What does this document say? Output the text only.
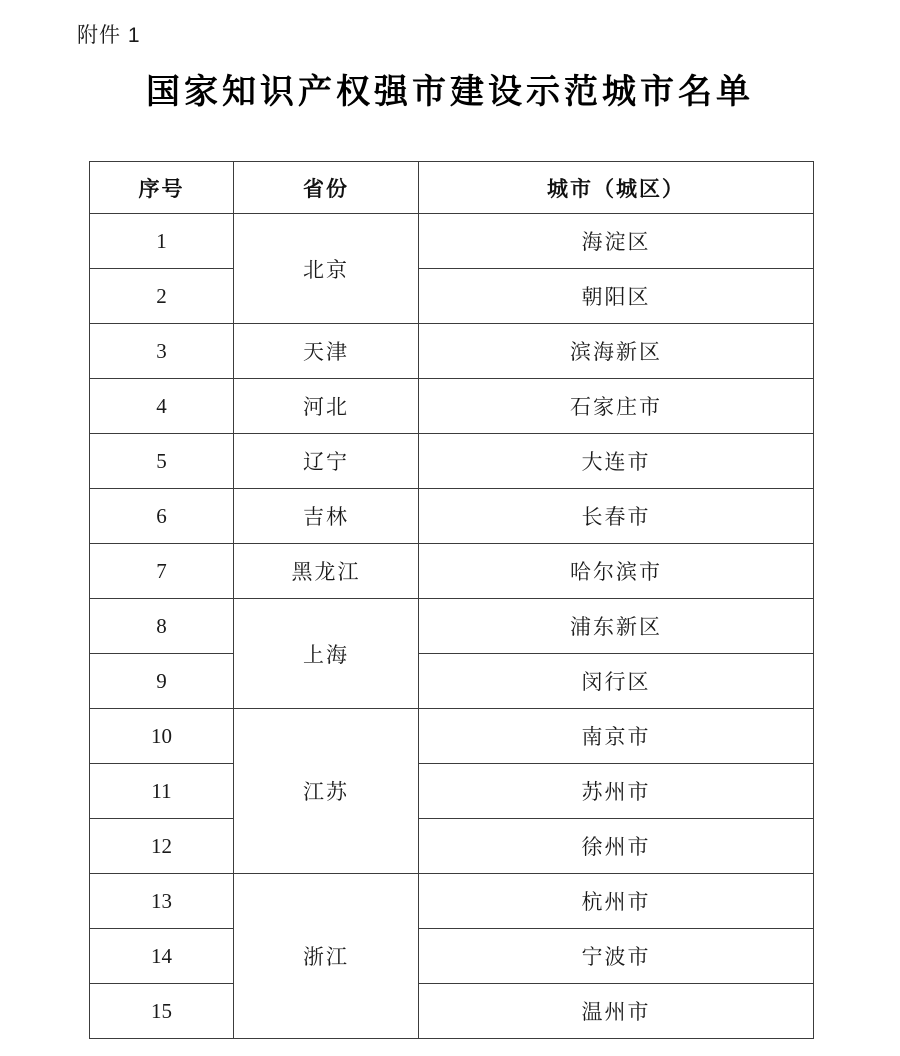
附件 1
国家知识产权强市建设示范城市名单
序号	省份	城市（城区）
1	北京	海淀区
2		朝阳区
3	天津	滨海新区
4	河北	石家庄市
5	辽宁	大连市
6	吉林	长春市
7	黑龙江	哈尔滨市
8	上海	浦东新区
9		闵行区
10	江苏	南京市
11		苏州市
12		徐州市
13	浙江	杭州市
14		宁波市
15		温州市
